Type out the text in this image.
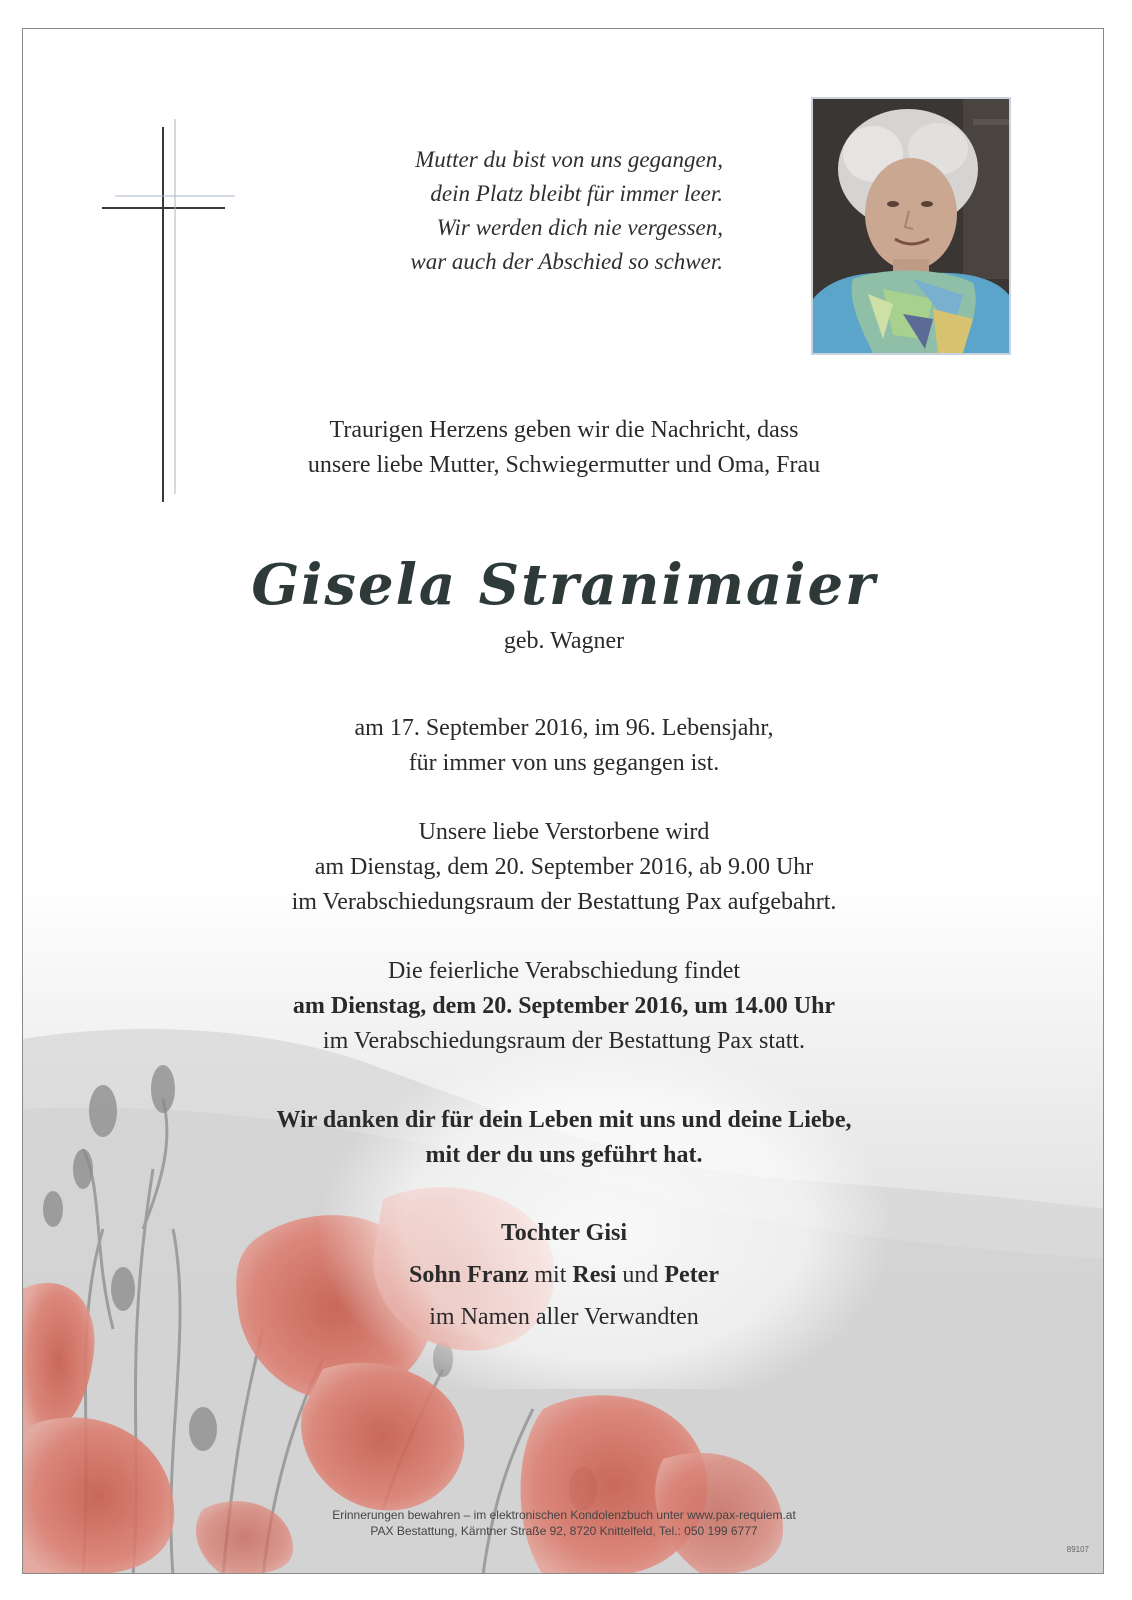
Mutter du bist von uns gegangen,
dein Platz bleibt für immer leer.
Wir werden dich nie vergessen,
war auch der Abschied so schwer.
Traurigen Herzens geben wir die Nachricht, dass
unsere liebe Mutter, Schwiegermutter und Oma, Frau
Gisela Stranimaier
geb. Wagner
am 17. September 2016, im 96. Lebensjahr,
für immer von uns gegangen ist.
Unsere liebe Verstorbene wird
am Dienstag, dem 20. September 2016, ab 9.00 Uhr
im Verabschiedungsraum der Bestattung Pax aufgebahrt.
Die feierliche Verabschiedung findet
am Dienstag, dem 20. September 2016, um 14.00 Uhr
im Verabschiedungsraum der Bestattung Pax statt.
Wir danken dir für dein Leben mit uns und deine Liebe,
mit der du uns geführt hat.
Tochter Gisi
Sohn Franz mit Resi und Peter
im Namen aller Verwandten
Erinnerungen bewahren – im elektronischen Kondolenzbuch unter www.pax-requiem.at
PAX Bestattung, Kärntner Straße 92, 8720 Knittelfeld, Tel.: 050 199 6777
89107
